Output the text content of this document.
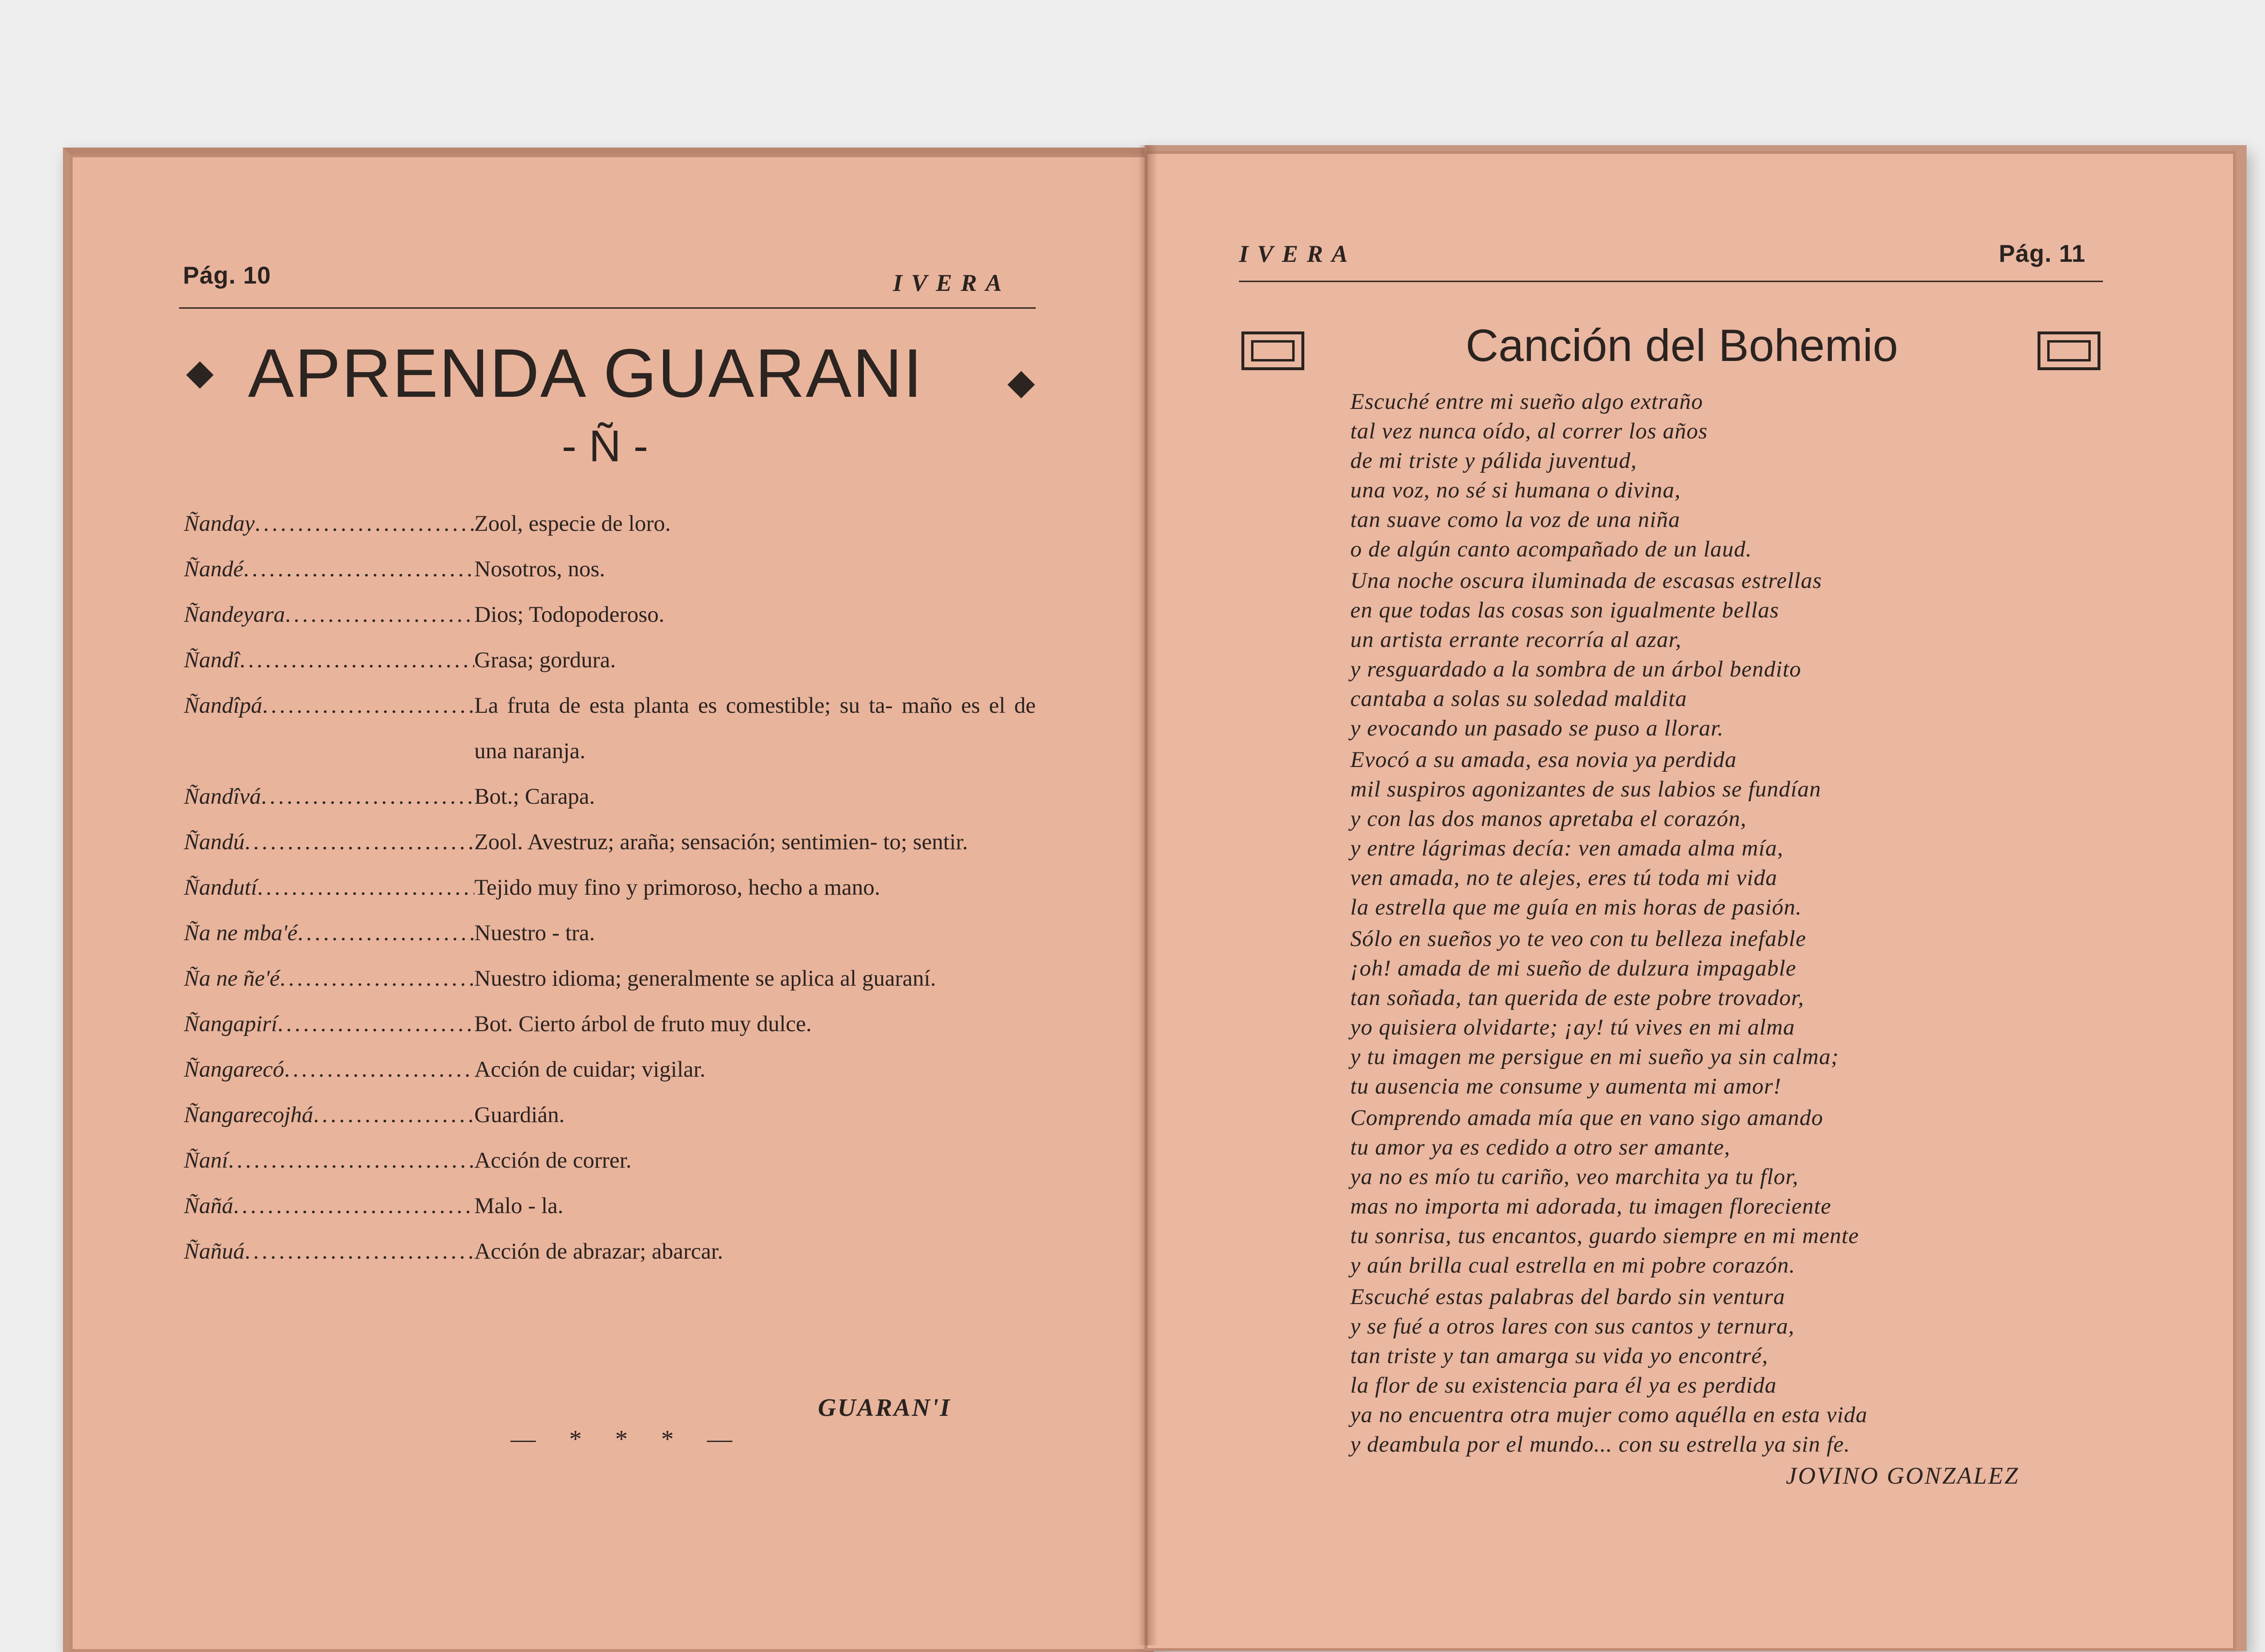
Pág. 10	IVERA
APRENDA GUARANI
- Ñ -
Ñanday .....	Zool, especie de loro.
Ñandé .....	Nosotros, nos.
Ñandeyara .....	Dios; Todopoderoso.
Ñandî .....	Grasa; gordura.
Ñandîpá .....	La fruta de esta planta es comestible; su ta- maño es el de una naranja.
Ñandîvá .....	Bot.; Carapa.
Ñandú .....	Zool. Avestruz; araña; sensación; sentimien- to; sentir.
Ñandutí .....	Tejido muy fino y primoroso, hecho a mano.
Ña ne mba'é .....	Nuestro - tra.
Ña ne ñe'é .....	Nuestro idioma; generalmente se aplica al guaraní.
Ñangapirí .....	Bot. Cierto árbol de fruto muy dulce.
Ñangarecó .....	Acción de cuidar; vigilar.
Ñangarecojhá .....	Guardián.
Ñaní .....	Acción de correr.
Ñañá .....	Malo - la.
Ñañuá .....	Acción de abrazar; abarcar.
GUARAN'I
— * * * —
IVERA	Pág. 11
Canción del Bohemio
Escuché entre mi sueño algo extraño
tal vez nunca oído, al correr los años
de mi triste y pálida juventud,
una voz, no sé si humana o divina,
tan suave como la voz de una niña
o de algún canto acompañado de un laud.
Una noche oscura iluminada de escasas estrellas
en que todas las cosas son igualmente bellas
un artista errante recorría al azar,
y resguardado a la sombra de un árbol bendito
cantaba a solas su soledad maldita
y evocando un pasado se puso a llorar.
Evocó a su amada, esa novia ya perdida
mil suspiros agonizantes de sus labios se fundían
y con las dos manos apretaba el corazón,
y entre lágrimas decía: ven amada alma mía,
ven amada, no te alejes, eres tú toda mi vida
la estrella que me guía en mis horas de pasión.
Sólo en sueños yo te veo con tu belleza inefable
¡oh! amada de mi sueño de dulzura impagable
tan soñada, tan querida de este pobre trovador,
yo quisiera olvidarte; ¡ay! tú vives en mi alma
y tu imagen me persigue en mi sueño ya sin calma;
tu ausencia me consume y aumenta mi amor!
Comprendo amada mía que en vano sigo amando
tu amor ya es cedido a otro ser amante,
ya no es mío tu cariño, veo marchita ya tu flor,
mas no importa mi adorada, tu imagen floreciente
tu sonrisa, tus encantos, guardo siempre en mi mente
y aún brilla cual estrella en mi pobre corazón.
Escuché estas palabras del bardo sin ventura
y se fué a otros lares con sus cantos y ternura,
tan triste y tan amarga su vida yo encontré,
la flor de su existencia para él ya es perdida
ya no encuentra otra mujer como aquélla en esta vida
y deambula por el mundo... con su estrella ya sin fe.
JOVINO GONZALEZ
